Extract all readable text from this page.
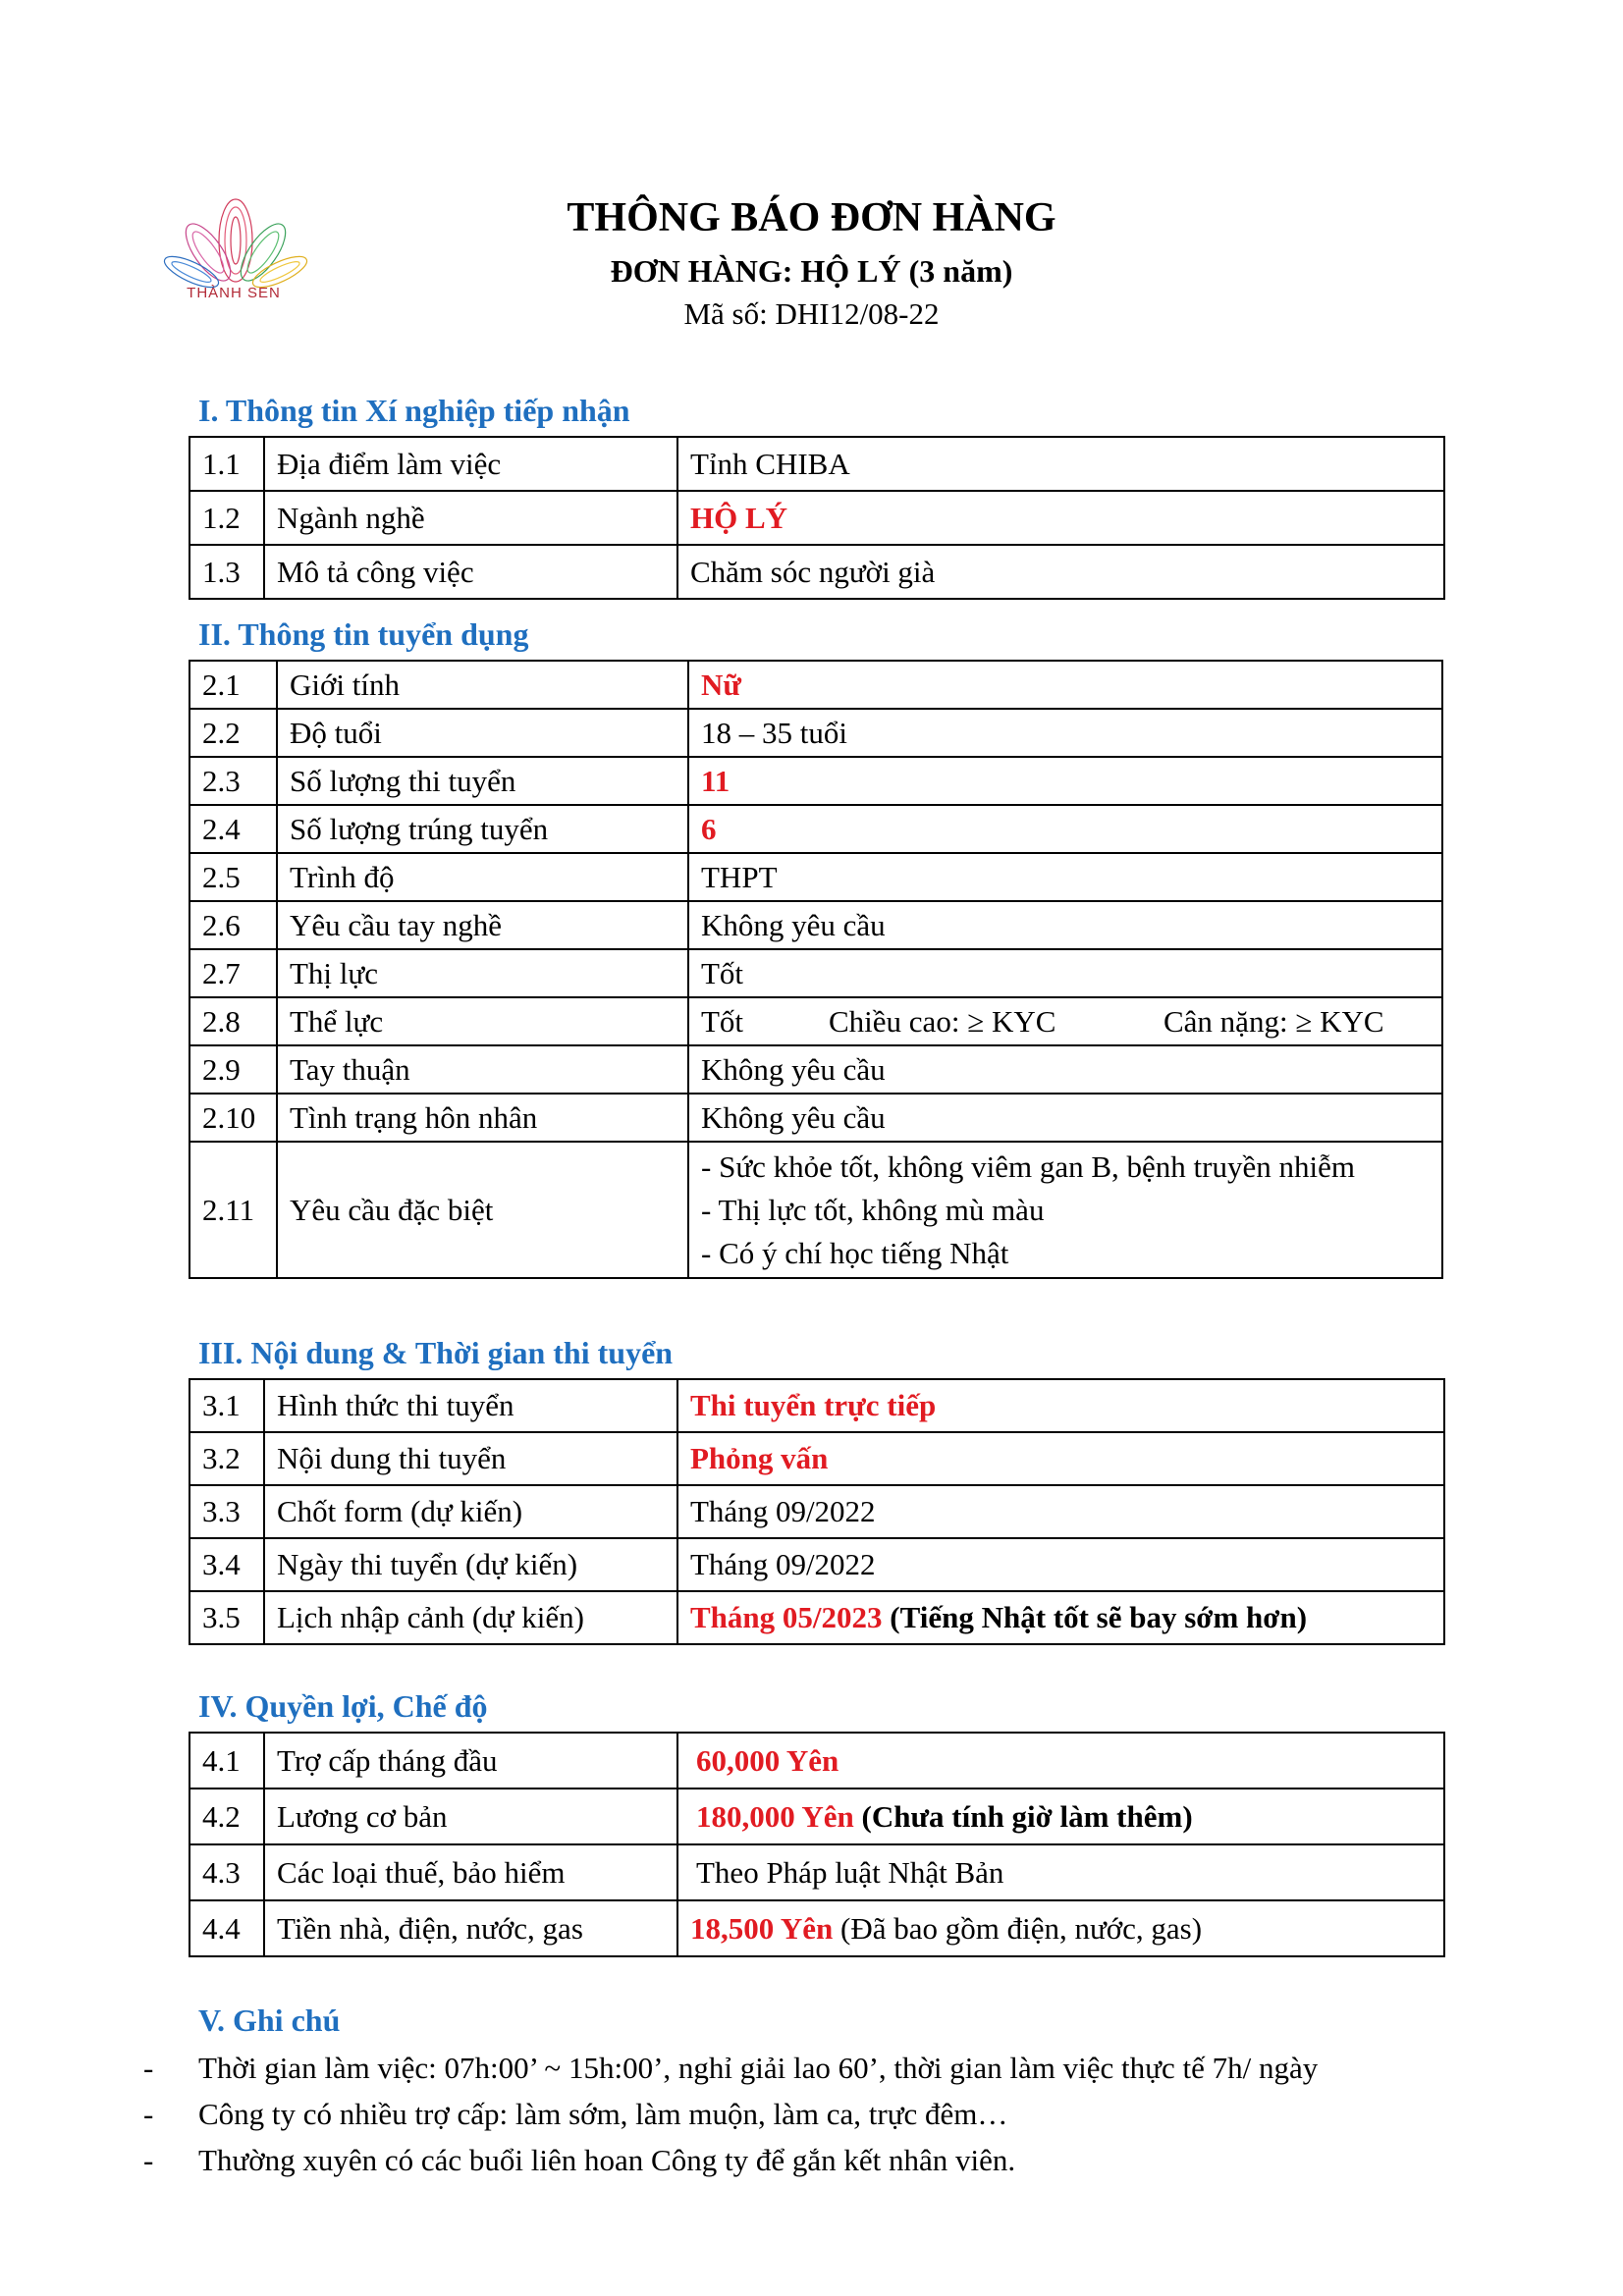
THÀNH SEN
THÔNG BÁO ĐƠN HÀNG
ĐƠN HÀNG: HỘ LÝ (3 năm)
Mã số: DHI12/08-22
I. Thông tin Xí nghiệp tiếp nhận
1.1	Địa điểm làm việc	Tỉnh CHIBA
1.2	Ngành nghề	HỘ LÝ
1.3	Mô tả công việc	Chăm sóc người già
II. Thông tin tuyển dụng
2.1	Giới tính	Nữ
2.2	Độ tuổi	18 – 35 tuổi
2.3	Số lượng thi tuyển	11
2.4	Số lượng trúng tuyển	6
2.5	Trình độ	THPT
2.6	Yêu cầu tay nghề	Không yêu cầu
2.7	Thị lực	Tốt
2.8	Thể lực	Tốt Chiều cao: ≥ KYC Cân nặng: ≥ KYC
2.9	Tay thuận	Không yêu cầu
2.10	Tình trạng hôn nhân	Không yêu cầu
2.11	Yêu cầu đặc biệt	- Sức khỏe tốt, không viêm gan B, bệnh truyền nhiễm
- Thị lực tốt, không mù màu
- Có ý chí học tiếng Nhật
III. Nội dung & Thời gian thi tuyển
3.1	Hình thức thi tuyển	Thi tuyển trực tiếp
3.2	Nội dung thi tuyển	Phỏng vấn
3.3	Chốt form (dự kiến)	Tháng 09/2022
3.4	Ngày thi tuyển (dự kiến)	Tháng 09/2022
3.5	Lịch nhập cảnh (dự kiến)	Tháng 05/2023 (Tiếng Nhật tốt sẽ bay sớm hơn)
IV. Quyền lợi, Chế độ
4.1	Trợ cấp tháng đầu	60,000 Yên
4.2	Lương cơ bản	180,000 Yên (Chưa tính giờ làm thêm)
4.3	Các loại thuế, bảo hiểm	Theo Pháp luật Nhật Bản
4.4	Tiền nhà, điện, nước, gas	18,500 Yên (Đã bao gồm điện, nước, gas)
V. Ghi chú
- Thời gian làm việc: 07h:00’ ~ 15h:00’, nghỉ giải lao 60’, thời gian làm việc thực tế 7h/ ngày
- Công ty có nhiều trợ cấp: làm sớm, làm muộn, làm ca, trực đêm…
- Thường xuyên có các buổi liên hoan Công ty để gắn kết nhân viên.
